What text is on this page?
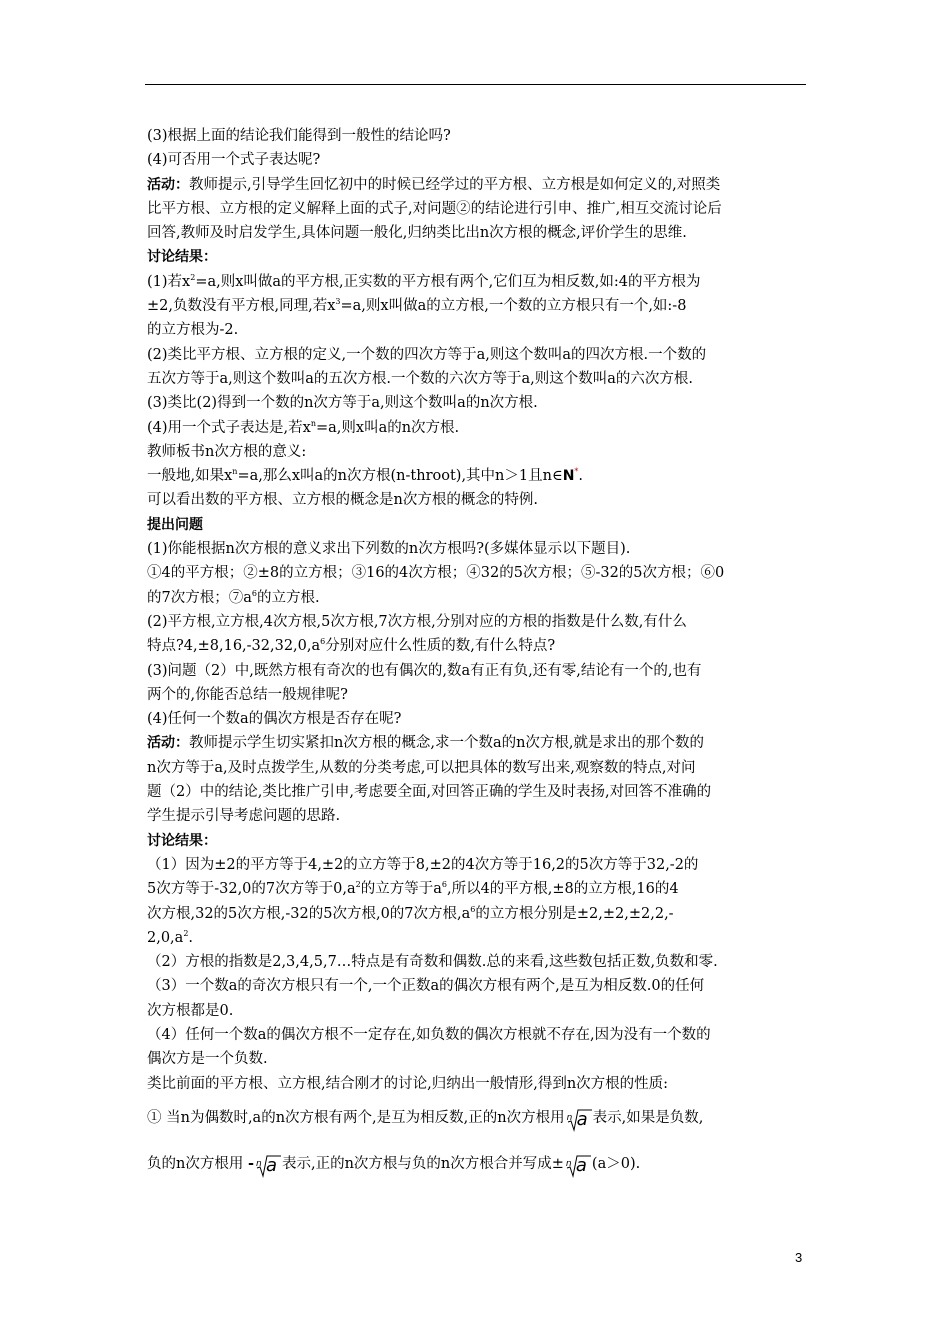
(3)根据上面的结论我们能得到一般性的结论吗?
(4)可否用一个式子表达呢?
活动：教师提示,引导学生回忆初中的时候已经学过的平方根、立方根是如何定义的,对照类
比平方根、立方根的定义解释上面的式子,对问题②的结论进行引申、推广,相互交流讨论后
回答,教师及时启发学生,具体问题一般化,归纳类比出n次方根的概念,评价学生的思维.
讨论结果：
(1)若$x^2=a$,则x叫做a的平方根,正实数的平方根有两个,它们互为相反数,如:4的平方根为
±2,负数没有平方根,同理,若$x^3=a$,则x叫做a的立方根,一个数的立方根只有一个,如:-8
的立方根为-2.
(2)类比平方根、立方根的定义,一个数的四次方等于a,则这个数叫a的四次方根.一个数的
五次方等于a,则这个数叫a的五次方根.一个数的六次方等于a,则这个数叫a的六次方根.
(3)类比(2)得到一个数的n次方等于a,则这个数叫a的n次方根.
(4)用一个式子表达是,若$x^n=a$,则x叫a的n次方根.
教师板书n次方根的意义:
一般地,如果$x^n=a$,那么x叫a的n次方根(n-throot),其中n＞1且n∈N*.
可以看出数的平方根、立方根的概念是n次方根的概念的特例.
提出问题
(1)你能根据n次方根的意义求出下列数的n次方根吗?(多媒体显示以下题目).
①4的平方根；②±8的立方根；③16的4次方根；④32的5次方根；⑤-32的5次方根；⑥0
的7次方根；$⑦a^6$的立方根.
(2)平方根,立方根,4次方根,5次方根,7次方根,分别对应的方根的指数是什么数,有什么
特点$?4,\pm 8,16,-32,32,0,a^6$分别对应什么性质的数,有什么特点?
(3)问题（2）中,既然方根有奇次的也有偶次的,数a有正有负,还有零,结论有一个的,也有
两个的,你能否总结一般规律呢?
(4)任何一个数a的偶次方根是否存在呢?
活动：教师提示学生切实紧扣n次方根的概念,求一个数a的n次方根,就是求出的那个数的
n次方等于a,及时点拨学生,从数的分类考虑,可以把具体的数写出来,观察数的特点,对问
题（2）中的结论,类比推广引申,考虑要全面,对回答正确的学生及时表扬,对回答不准确的
学生提示引导考虑问题的思路.
讨论结果：
（1）因为±2的平方等于4,±2的立方等于8,±2的4次方等于16,2的5次方等于32,-2的
5次方等于-32,0的7次方等于$0,a^2$的立方等于$a^6$,所以4的平方根,±8的立方根,16的4
次方根,32的5次方根,-32的5次方根,0的7次方根$,a^6$的立方根分别是±2,±2,±2,2,-
$2,0,a^2$.
（2）方根的指数是2,3,4,5,7…特点是有奇数和偶数.总的来看,这些数包括正数,负数和零.
（3）一个数a的奇次方根只有一个,一个正数a的偶次方根有两个,是互为相反数.0的任何
次方根都是0.
（4）任何一个数a的偶次方根不一定存在,如负数的偶次方根就不存在,因为没有一个数的
偶次方是一个负数.
类比前面的平方根、立方根,结合刚才的讨论,归纳出一般情形,得到n次方根的性质:
① 当n为偶数时,a的n次方根有两个,是互为相反数,正的n次方根用 n a 表示,如果是负数,
负的n次方根用 - n a 表示,正的n次方根与负的n次方根合并写成± n a (a＞0).
3
